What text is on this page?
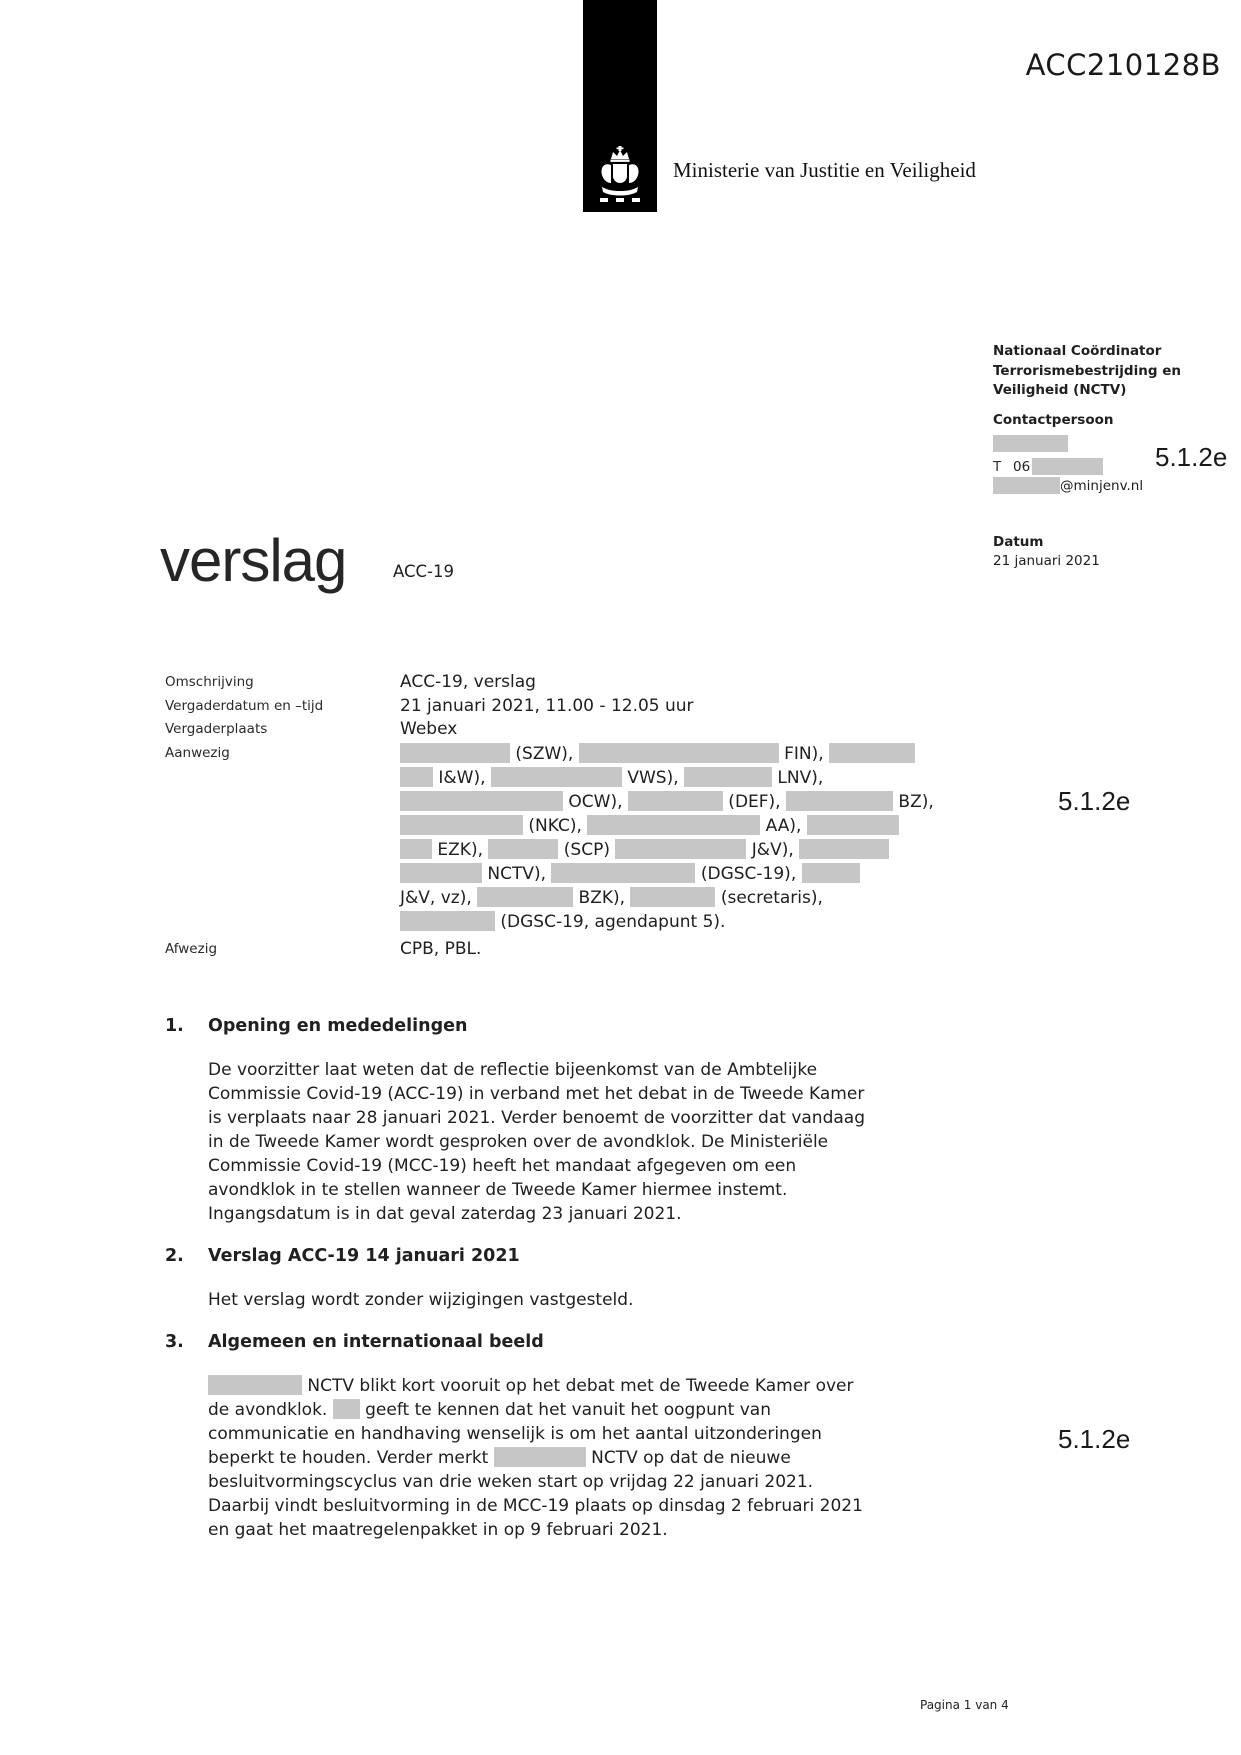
Ministerie van Justitie en Veiligheid
ACC210128B
Nationaal Coördinator
Terrorismebestrijding en
Veiligheid (NCTV)
Contactpersoon
T 06
@minjenv.nl
Datum
21 januari 2021
5.1.2e
5.1.2e
5.1.2e
verslag	ACC-19
Omschrijving	ACC-19, verslag
Vergaderdatum en –tijd	21 januari 2021, 11.00 - 12.05 uur
Vergaderplaats	Webex
Aanwezig	(SZW),	FIN),
I&W),	VWS),	LNV),
OCW),	(DEF),	BZ),
(NKC),	AA),
EZK),	(SCP)	J&V),
NCTV),	(DGSC-19),
J&V, vz),	BZK),	(secretaris),
(DGSC-19, agendapunt 5).
Afwezig	CPB, PBL.
1.	Opening en mededelingen
De voorzitter laat weten dat de reflectie bijeenkomst van de Ambtelijke
Commissie Covid-19 (ACC-19) in verband met het debat in de Tweede Kamer
is verplaats naar 28 januari 2021. Verder benoemt de voorzitter dat vandaag
in de Tweede Kamer wordt gesproken over de avondklok. De Ministeriële
Commissie Covid-19 (MCC-19) heeft het mandaat afgegeven om een
avondklok in te stellen wanneer de Tweede Kamer hiermee instemt.
Ingangsdatum is in dat geval zaterdag 23 januari 2021.
2.	Verslag ACC-19 14 januari 2021
Het verslag wordt zonder wijzigingen vastgesteld.
3.	Algemeen en internationaal beeld
NCTV blikt kort vooruit op het debat met de Tweede Kamer over
de avondklok.  geeft te kennen dat het vanuit het oogpunt van
communicatie en handhaving wenselijk is om het aantal uitzonderingen
beperkt te houden. Verder merkt	NCTV op dat de nieuwe
besluitvormingscyclus van drie weken start op vrijdag 22 januari 2021.
Daarbij vindt besluitvorming in de MCC-19 plaats op dinsdag 2 februari 2021
en gaat het maatregelenpakket in op 9 februari 2021.
Pagina 1 van 4
